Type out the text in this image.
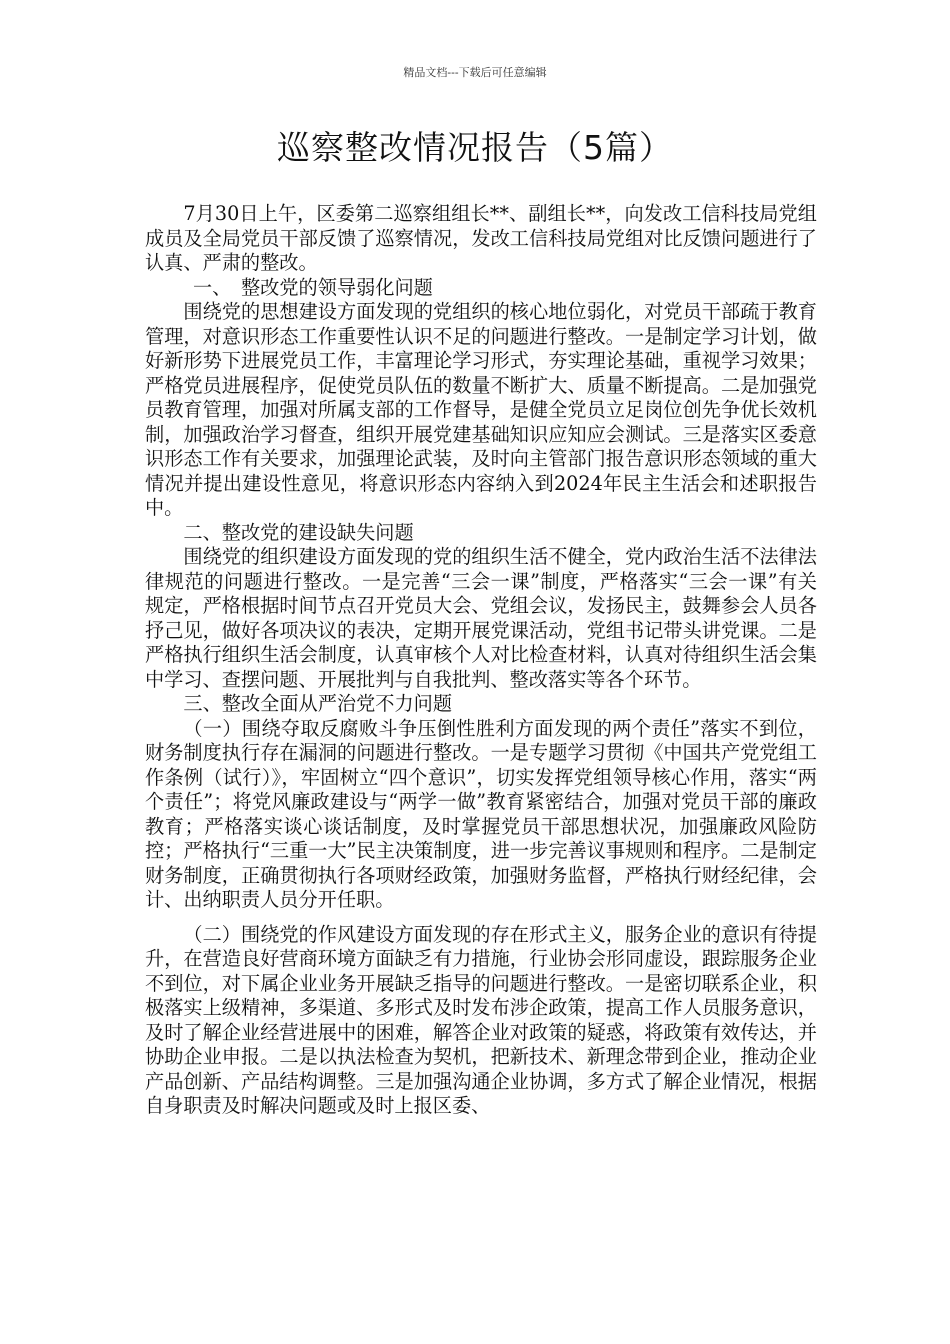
精品文档---下载后可任意编辑
巡察整改情况报告（5篇）

7月30日上午，区委第二巡察组组长**、副组长**，向发改工信科技局党组成员及全局党员干部反馈了巡察情况，发改工信科技局党组对比反馈问题进行了认真、严肃的整改。

一、　整改党的领导弱化问题

围绕党的思想建设方面发现的党组织的核心地位弱化，对党员干部疏于教育管理，对意识形态工作重要性认识不足的问题进行整改。一是制定学习计划，做好新形势下进展党员工作，丰富理论学习形式，夯实理论基础，重视学习效果；严格党员进展程序，促使党员队伍的数量不断扩大、质量不断提高。二是加强党员教育管理，加强对所属支部的工作督导，是健全党员立足岗位创先争优长效机制，加强政治学习督查，组织开展党建基础知识应知应会测试。三是落实区委意识形态工作有关要求，加强理论武装，及时向主管部门报告意识形态领域的重大情况并提出建设性意见，将意识形态内容纳入到2024年民主生活会和述职报告中。

二、整改党的建设缺失问题

围绕党的组织建设方面发现的党的组织生活不健全，党内政治生活不法律法律规范的问题进行整改。一是完善“三会一课”制度，严格落实“三会一课”有关规定，严格根据时间节点召开党员大会、党组会议，发扬民主，鼓舞参会人员各抒己见，做好各项决议的表决，定期开展党课活动，党组书记带头讲党课。二是严格执行组织生活会制度，认真审核个人对比检查材料，认真对待组织生活会集中学习、查摆问题、开展批判与自我批判、整改落实等各个环节。

三、整改全面从严治党不力问题

（一）围绕夺取反腐败斗争压倒性胜利方面发现的两个责任”落实不到位，财务制度执行存在漏洞的问题进行整改。一是专题学习贯彻《中国共产党党组工作条例（试行）》，牢固树立“四个意识”，切实发挥党组领导核心作用，落实“两个责任”；将党风廉政建设与“两学一做”教育紧密结合，加强对党员干部的廉政教育；严格落实谈心谈话制度，及时掌握党员干部思想状况，加强廉政风险防控；严格执行“三重一大”民主决策制度，进一步完善议事规则和程序。二是制定财务制度，正确贯彻执行各项财经政策，加强财务监督，严格执行财经纪律，会计、出纳职责人员分开任职。

（二）围绕党的作风建设方面发现的存在形式主义，服务企业的意识有待提升，在营造良好营商环境方面缺乏有力措施，行业协会形同虚设，跟踪服务企业不到位，对下属企业业务开展缺乏指导的问题进行整改。一是密切联系企业，积极落实上级精神，多渠道、多形式及时发布涉企政策，提高工作人员服务意识，及时了解企业经营进展中的困难，解答企业对政策的疑惑，将政策有效传达，并协助企业申报。二是以执法检查为契机，把新技术、新理念带到企业，推动企业产品创新、产品结构调整。三是加强沟通企业协调，多方式了解企业情况，根据自身职责及时解决问题或及时上报区委、
